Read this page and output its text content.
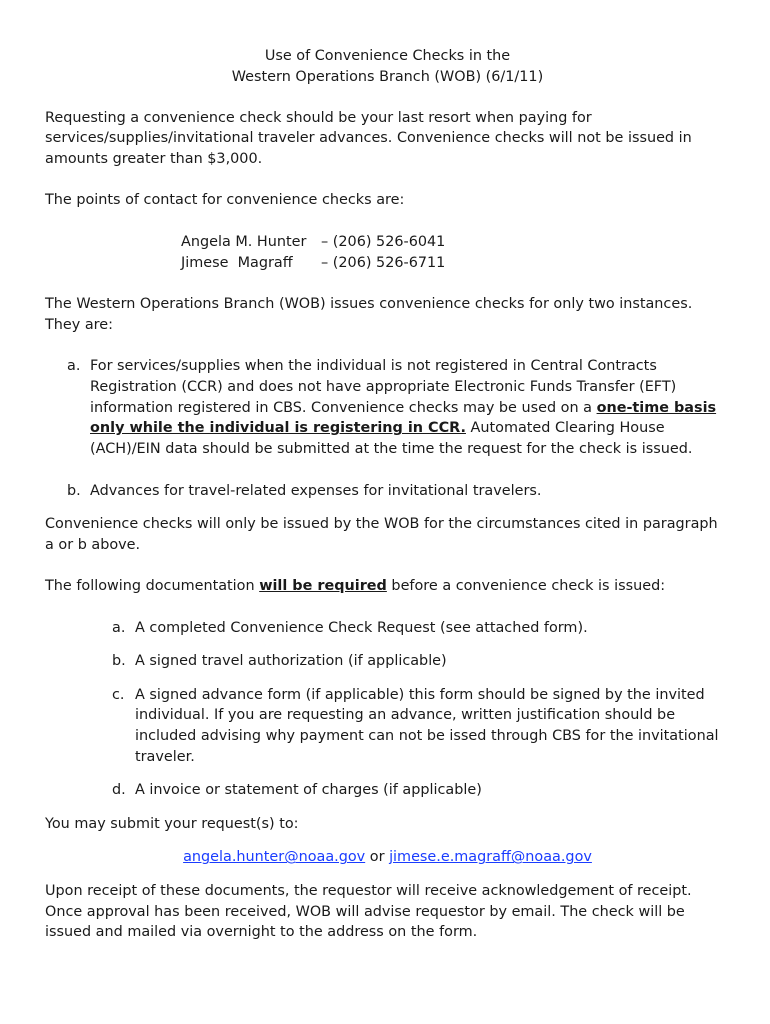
Use of Convenience Checks in the

Western Operations Branch (WOB) (6/1/11)

Requesting a convenience check should be your last resort when paying for services/supplies/invitational traveler advances. Convenience checks will not be issued in amounts greater than $3,000.

The points of contact for convenience checks are:

Angela M. Hunter	– (206) 526-6041
Jimese  Magraff	– (206) 526-6711

The Western Operations Branch (WOB) issues convenience checks for only two instances. They are:

a. For services/supplies when the individual is not registered in Central Contracts Registration (CCR) and does not have appropriate Electronic Funds Transfer (EFT) information registered in CBS. Convenience checks may be used on a one-time basis only while the individual is registering in CCR. Automated Clearing House (ACH)/EIN data should be submitted at the time the request for the check is issued.
b. Advances for travel-related expenses for invitational travelers.

Convenience checks will only be issued by the WOB for the circumstances cited in paragraph a or b above.

The following documentation will be required before a convenience check is issued:

a. A completed Convenience Check Request (see attached form).
b. A signed travel authorization (if applicable)
c. A signed advance form (if applicable) this form should be signed by the invited individual. If you are requesting an advance, written justification should be included advising why payment can not be issed through CBS for the invitational traveler.
d. A invoice or statement of charges (if applicable)

You may submit your request(s) to:

angela.hunter@noaa.gov or jimese.e.magraff@noaa.gov

Upon receipt of these documents, the requestor will receive acknowledgement of receipt. Once approval has been received, WOB will advise requestor by email. The check will be issued and mailed via overnight to the address on the form.
